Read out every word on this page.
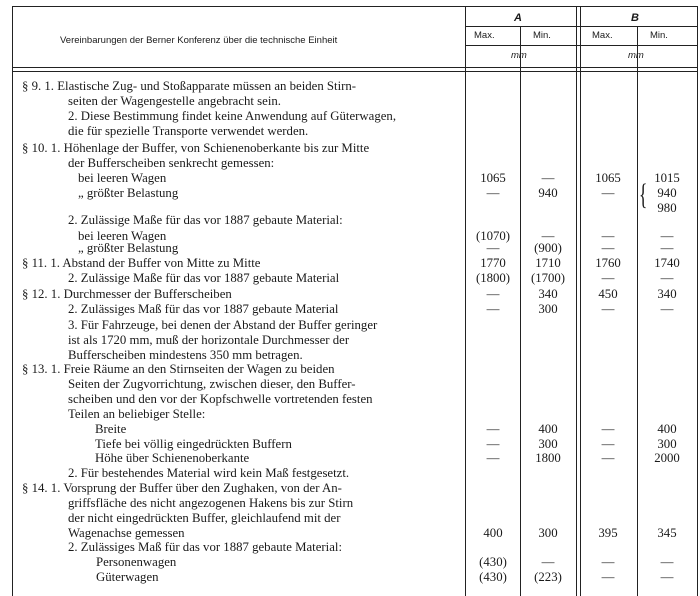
Vereinbarungen der Berner Konferenz über die technische Einheit
A	B
Max.	Min.	Max.	Min.
mm	mm
{
§ 9. 1. Elastische Zug- und Stoßapparate müssen an beiden Stirn-
seiten der Wagengestelle angebracht sein.
2. Diese Bestimmung findet keine Anwendung auf Güterwagen,
die für spezielle Transporte verwendet werden.
§ 10. 1. Höhenlage der Buffer, von Schienenoberkante bis zur Mitte
der Bufferscheiben senkrecht gemessen:
bei leeren Wagen	1065	—	1065	1015
„ größter Belastung	—	940	—	940
980
2. Zulässige Maße für das vor 1887 gebaute Material:
bei leeren Wagen	(1070)	—	—	—
„ größter Belastung	—	(900)	—	—
§ 11. 1. Abstand der Buffer von Mitte zu Mitte	1770	1710	1760	1740
2. Zulässige Maße für das vor 1887 gebaute Material	(1800)	(1700)	—	—
§ 12. 1. Durchmesser der Bufferscheiben	—	340	450	340
2. Zulässiges Maß für das vor 1887 gebaute Material	—	300	—	—
3. Für Fahrzeuge, bei denen der Abstand der Buffer geringer
ist als 1720 mm, muß der horizontale Durchmesser der
Bufferscheiben mindestens 350 mm betragen.
§ 13. 1. Freie Räume an den Stirnseiten der Wagen zu beiden
Seiten der Zugvorrichtung, zwischen dieser, den Buffer-
scheiben und den vor der Kopfschwelle vortretenden festen
Teilen an beliebiger Stelle:
Breite	—	400	—	400
Tiefe bei völlig eingedrückten Buffern	—	300	—	300
Höhe über Schienenoberkante	—	1800	—	2000
2. Für bestehendes Material wird kein Maß festgesetzt.
§ 14. 1. Vorsprung der Buffer über den Zughaken, von der An-
griffsfläche des nicht angezogenen Hakens bis zur Stirn
der nicht eingedrückten Buffer, gleichlaufend mit der
Wagenachse gemessen	400	300	395	345
2. Zulässiges Maß für das vor 1887 gebaute Material:
Personenwagen	(430)	—	—	—
Güterwagen	(430)	(223)	—	—
